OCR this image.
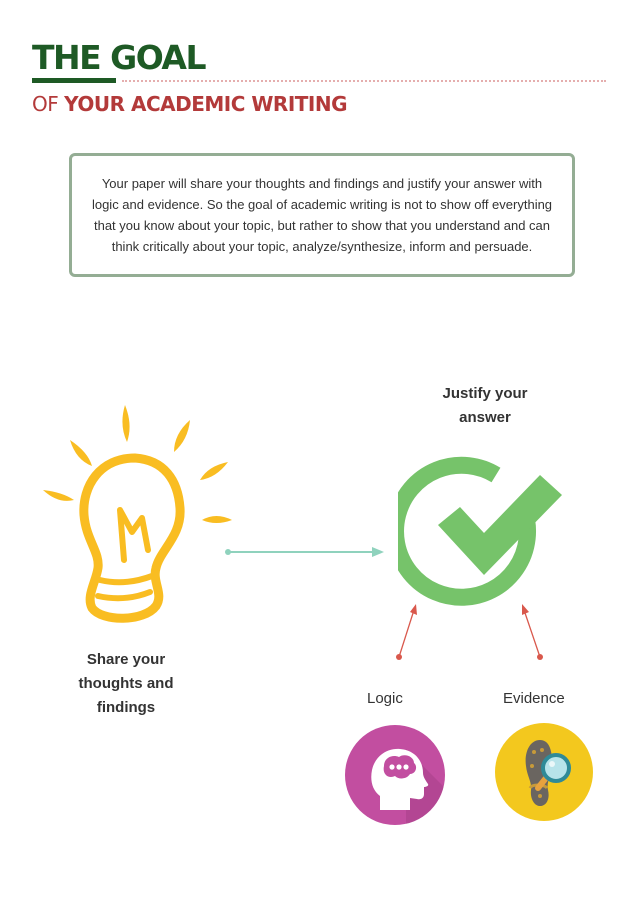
THE GOAL
OF YOUR ACADEMIC WRITING

Your paper will share your thoughts and findings and justify your answer with logic and evidence. So the goal of academic writing is not to show off everything that you know about your topic, but rather to show that you understand and can think critically about your topic, analyze/synthesize, inform and persuade.

Justify your answer
Share your thoughts and findings
Logic	Evidence
